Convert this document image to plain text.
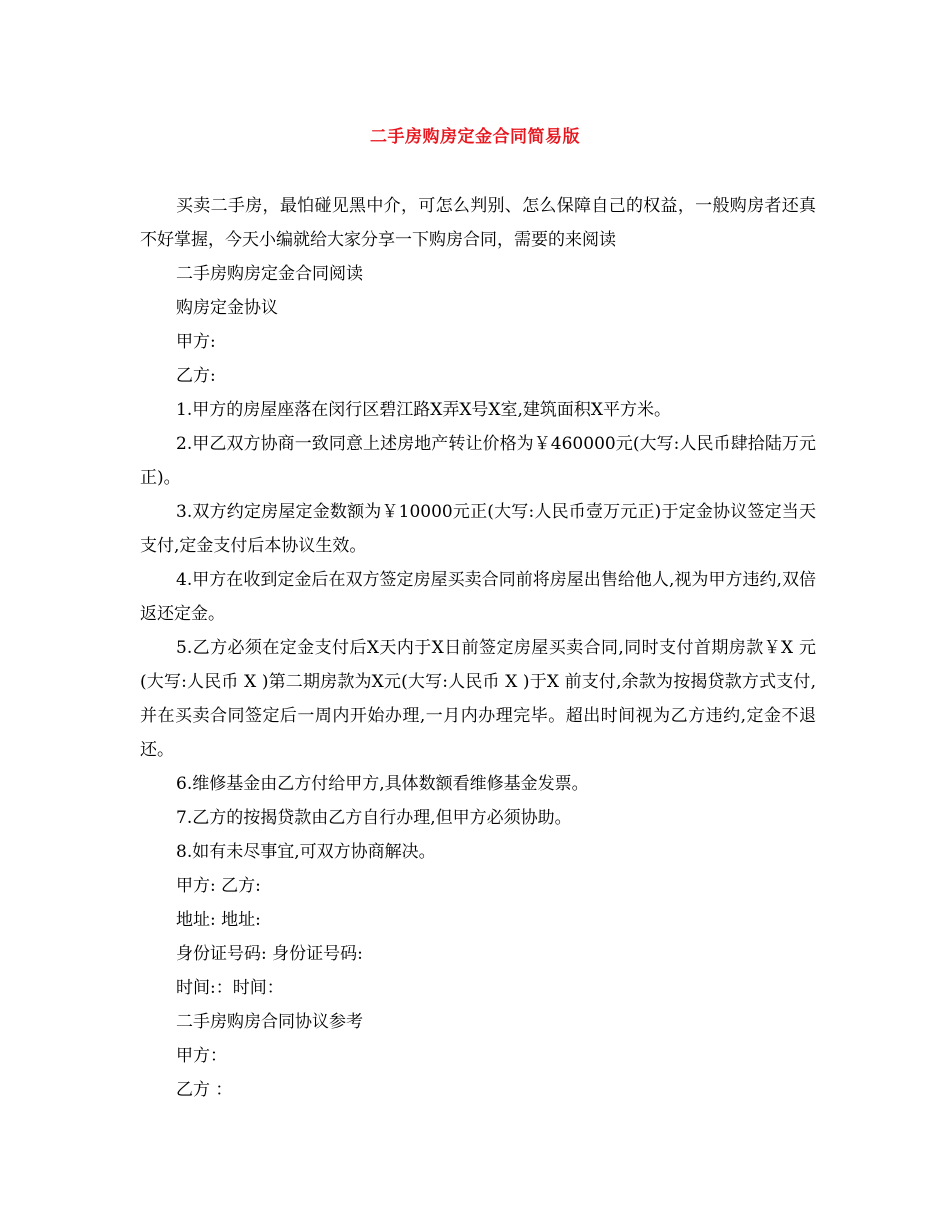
二手房购房定金合同简易版

买卖二手房，最怕碰见黑中介，可怎么判别、怎么保障自己的权益，一般购房者还真不好掌握，今天小编就给大家分享一下购房合同，需要的来阅读

二手房购房定金合同阅读

购房定金协议

甲方:

乙方:

1.甲方的房屋座落在闵行区碧江路X弄X号X室,建筑面积X平方米。

2.甲乙双方协商一致同意上述房地产转让价格为￥460000元(大写:人民币肆拾陆万元正)。

3.双方约定房屋定金数额为￥10000元正(大写:人民币壹万元正)于定金协议签定当天支付,定金支付后本协议生效。

4.甲方在收到定金后在双方签定房屋买卖合同前将房屋出售给他人,视为甲方违约,双倍返还定金。

5.乙方必须在定金支付后X天内于X日前签定房屋买卖合同,同时支付首期房款￥X 元(大写:人民币 X )第二期房款为X元(大写:人民币 X )于X 前支付,余款为按揭贷款方式支付,并在买卖合同签定后一周内开始办理,一月内办理完毕。超出时间视为乙方违约,定金不退还。

6.维修基金由乙方付给甲方,具体数额看维修基金发票。

7.乙方的按揭贷款由乙方自行办理,但甲方必须协助。

8.如有未尽事宜,可双方协商解决。

甲方: 乙方:

地址: 地址:

身份证号码: 身份证号码:

时间:：时间：

二手房购房合同协议参考

甲方：

乙方 ：
